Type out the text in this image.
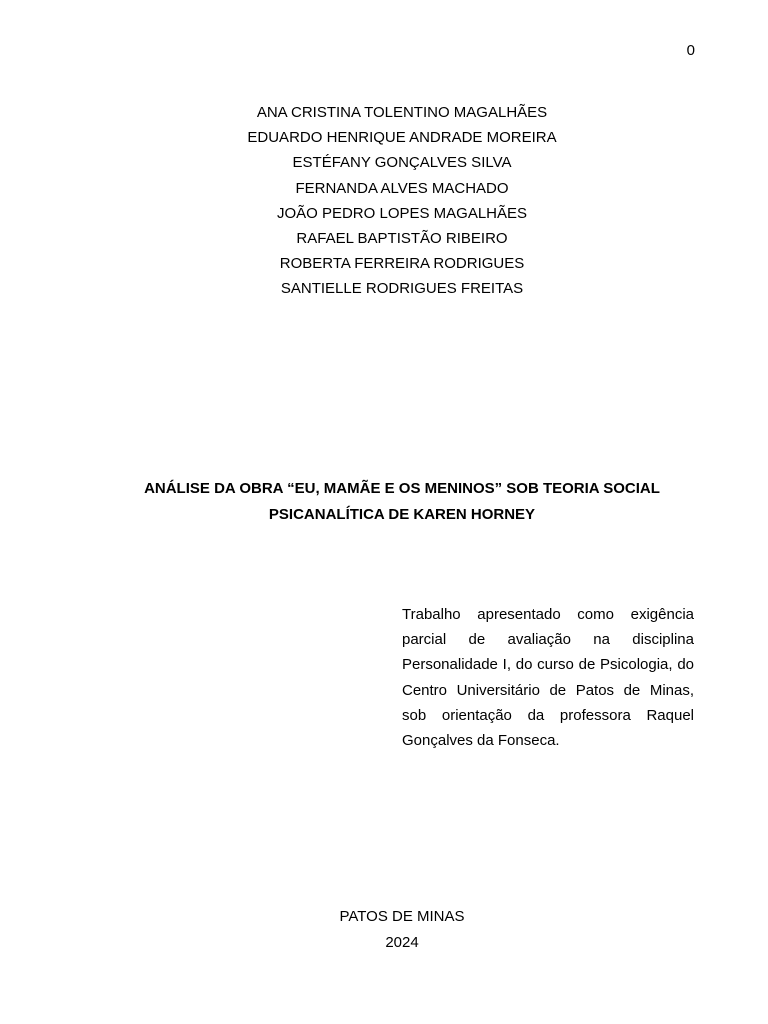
0
ANA CRISTINA TOLENTINO MAGALHÃES
EDUARDO HENRIQUE ANDRADE MOREIRA
ESTÉFANY GONÇALVES SILVA
FERNANDA ALVES MACHADO
JOÃO PEDRO LOPES MAGALHÃES
RAFAEL BAPTISTÃO RIBEIRO
ROBERTA FERREIRA RODRIGUES
SANTIELLE RODRIGUES FREITAS
ANÁLISE DA OBRA “EU, MAMÃE E OS MENINOS” SOB TEORIA SOCIAL
PSICANALÍTICA DE KAREN HORNEY

Trabalho apresentado como exigência parcial de avaliação na disciplina Personalidade I, do curso de Psicologia, do Centro Universitário de Patos de Minas, sob orientação da professora Raquel Gonçalves da Fonseca.

PATOS DE MINAS
2024
